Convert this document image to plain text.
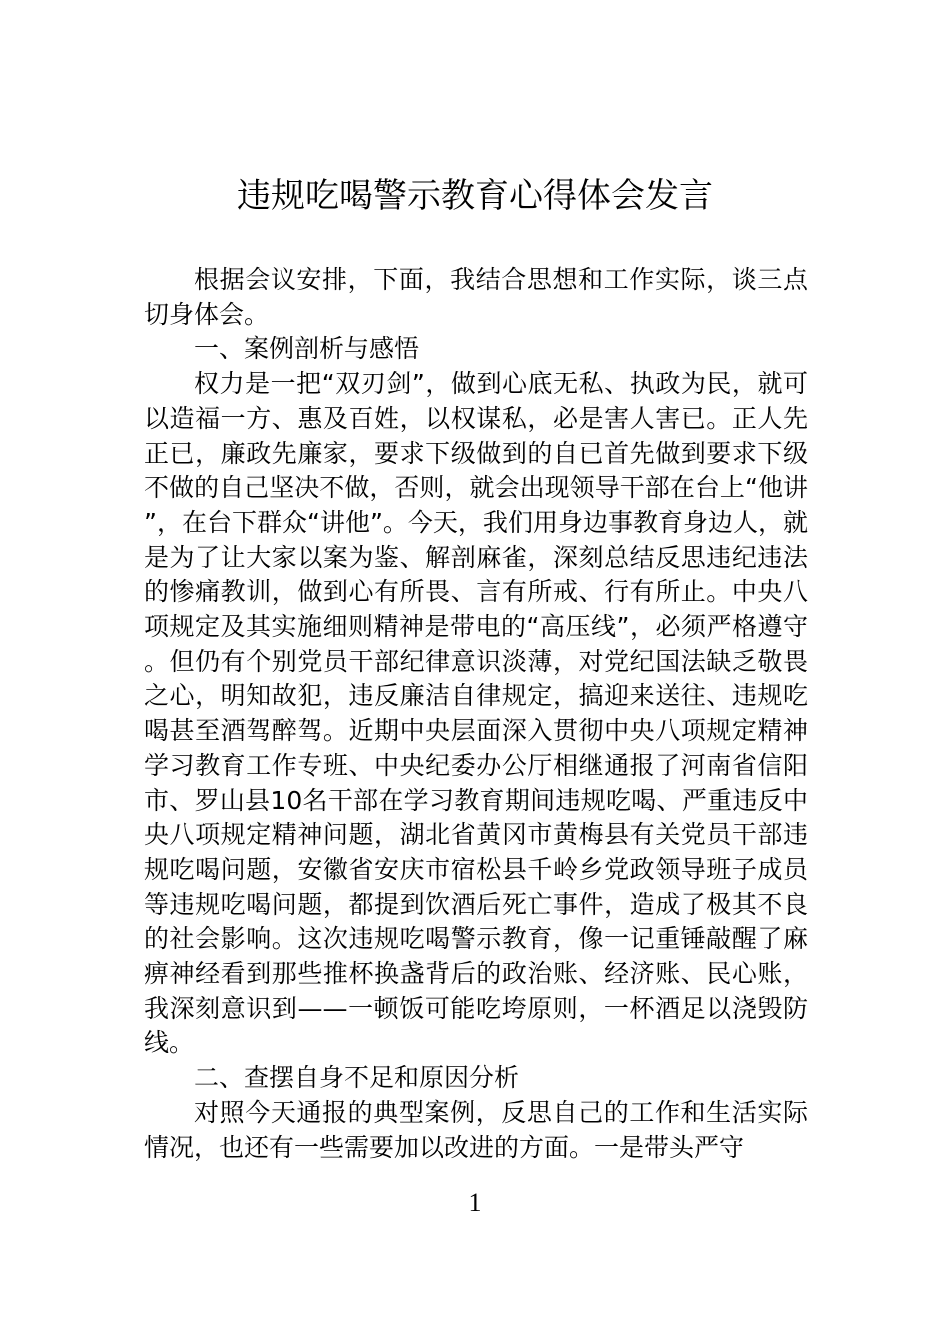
违规吃喝警示教育心得体会发言

根据会议安排，下面，我结合思想和工作实际，谈三点切身体会。

一、案例剖析与感悟

权力是一把“双刃剑”，做到心底无私、执政为民，就可以造福一方、惠及百姓，以权谋私，必是害人害已。正人先正已，廉政先廉家，要求下级做到的自已首先做到要求下级不做的自己坚决不做，否则，就会出现领导干部在台上“他讲”，在台下群众“讲他”。今天，我们用身边事教育身边人，就是为了让大家以案为鉴、解剖麻雀，深刻总结反思违纪违法的惨痛教训，做到心有所畏、言有所戒、行有所止。中央八项规定及其实施细则精神是带电的“高压线”，必须严格遵守。但仍有个别党员干部纪律意识淡薄，对党纪国法缺乏敬畏之心，明知故犯，违反廉洁自律规定，搞迎来送往、违规吃喝甚至酒驾醉驾。近期中央层面深入贯彻中央八项规定精神学习教育工作专班、中央纪委办公厅相继通报了河南省信阳市、罗山县10名干部在学习教育期间违规吃喝、严重违反中央八项规定精神问题，湖北省黄冈市黄梅县有关党员干部违规吃喝问题，安徽省安庆市宿松县千岭乡党政领导班子成员等违规吃喝问题，都提到饮酒后死亡事件，造成了极其不良的社会影响。这次违规吃喝警示教育，像一记重锤敲醒了麻痹神经看到那些推杯换盏背后的政治账、经济账、民心账，我深刻意识到——一顿饭可能吃垮原则，一杯酒足以浇毁防线。

二、查摆自身不足和原因分析

对照今天通报的典型案例，反思自己的工作和生活实际情况，也还有一些需要加以改进的方面。一是带头严守

1
